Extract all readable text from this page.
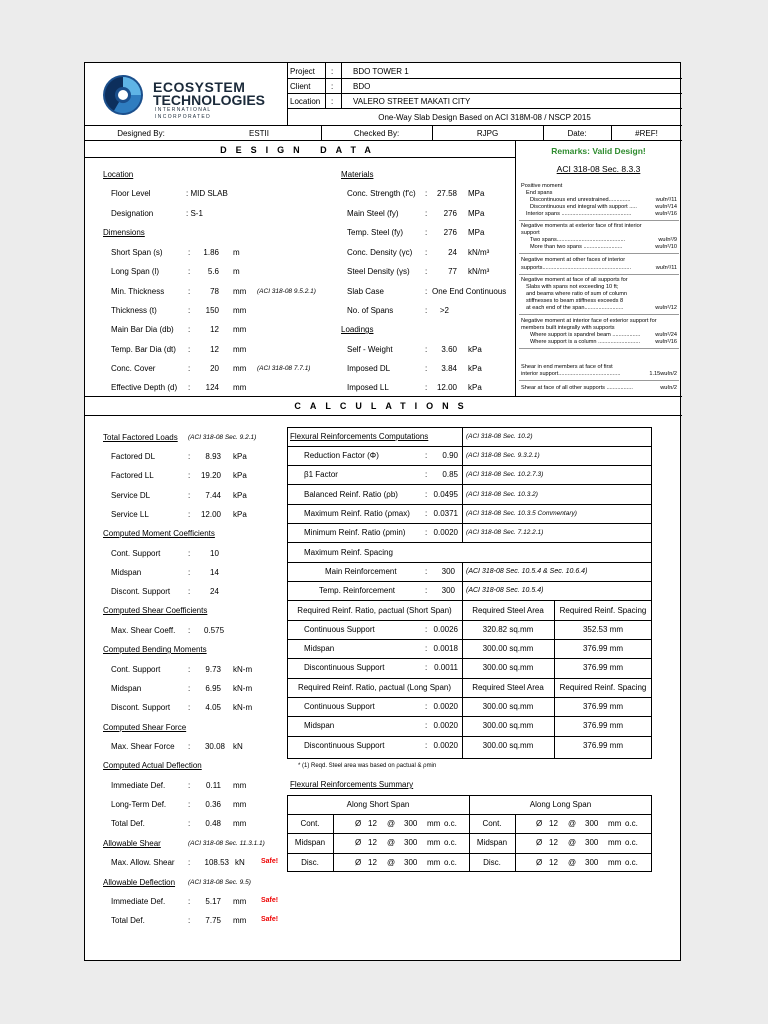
ECOSYSTEM
TECHNOLOGIES
I N T E R N A T I O N A L
I N C O R P O R A T E D
Project : BDO TOWER 1
Client	: BDO
Location : VALERO STREET MAKATI CITY
One-Way Slab Design Based on ACI 318M-08 / NSCP 2015
Designed By:	ESTII	Checked By:	RJPG	Date:	#REF!
DESIGN DATA	Remarks: Valid Design!
ACI 318-08 Sec. 8.3.3
Positive moment
End spans
Discontinuous end unrestrained..............	wuℓn²/11
Discontinuous end integral with support .....	wuℓn²/14
Interior spans .............................................	wuℓn²/16
Negative moments at exterior face of first interior
support
Two spans............................................	wuℓn²/9
More than two spans .........................	wuℓn²/10
Negative moment at other faces of interior
supports.........................................................	wuℓn²/11
Negative moment at face of all supports for
Slabs with spans not exceeding 10 ft;
and beams where ratio of sum of column
stiffnesses to beam stiffness exceeds 8
at each end of the span.........................	wuℓn²/12
Negative moment at interior face of exterior support for
members built integrally with supports
Where support is spandrel beam ..................	wuℓn²/24
Where support is a column ...........................	wuℓn²/16
Shear in end members at face of first
interior support........................................	1.15wuℓn/2
Shear at face of all other supports .................	wuℓn/2
Location
Floor Level	: MID SLAB
Designation	: S-1
Dimensions
Short Span (s)	:	1.86 m
Long Span (l)	:	5.6 m
Min. Thickness	:	78 mm (ACI 318-08 9.5.2.1)
Thickness (t)	:	150 mm
Main Bar Dia (db) :	12 mm
Temp. Bar Dia (dt) :	12 mm
Conc. Cover	:	20 mm (ACI 318-08 7.7.1)
Effective Depth (d) :	124 mm
Materials
Conc. Strength (f'c) :	27.58 MPa
Main Steel (fy)	:	276 MPa
Temp. Steel (fy)	:	276 MPa
Conc. Density (γc) :	24 kN/m³
Steel Density (γs) :	77 kN/m³
Slab Case	: One End Continuous
No. of Spans	:	>2
Loadings
Self - Weight	:	3.60 kPa
Imposed DL	:	3.84 kPa
Imposed LL	:	12.00 kPa
CALCULATIONS
Total Factored Loads (ACI 318-08 Sec. 9.2.1)
Factored DL	:	8.93 kPa
Factored LL	:	19.20 kPa
Service DL	:	7.44 kPa
Service LL	:	12.00 kPa
Computed Moment Coefficients
Cont. Support	: 10
Midspan	: 14
Discont. Support : 24
Computed Shear Coefficients
Max. Shear Coeff. : 0.575
Computed Bending Moments
Cont. Support	:	9.73 kN-m
Midspan	:	6.95 kN-m
Discont. Support :	4.05 kN-m
Computed Shear Force
Max. Shear Force :	30.08 kN
Computed Actual Deflection
Immediate Def.	:	0.11 mm
Long-Term Def.	:	0.36 mm
Total Def.	:	0.48 mm
Allowable Shear	(ACI 318-08 Sec. 11.3.1.1)
Max. Allow. Shear :	108.53 kN Safe!
Allowable Deflection (ACI 318-08 Sec. 9.5)
Immediate Def.	:	5.17 mm Safe!
Total Def.	:	7.75 mm Safe!
Flexural Reinforcements Computations	(ACI 318-08 Sec. 10.2)
Reduction Factor (Φ)	:	0.90 (ACI 318-08 Sec. 9.3.2.1)
β1 Factor	:	0.85 (ACI 318-08 Sec. 10.2.7.3)
Balanced Reinf. Ratio (ρb)	: 0.0495 (ACI 318-08 Sec. 10.3.2)
Maximum Reinf. Ratio (ρmax) : 0.0371 (ACI 318-08 Sec. 10.3.5 Commentary)
Minimum Reinf. Ratio (ρmin) : 0.0020 (ACI 318-08 Sec. 7.12.2.1)
Maximum Reinf. Spacing
Main Reinforcement	:	300 (ACI 318-08 Sec. 10.5.4 & Sec. 10.6.4)
Temp. Reinforcement	:	300 (ACI 318-08 Sec. 10.5.4)
Required Reinf. Ratio, ρactual (Short Span)	Required Steel Area	Required Reinf. Spacing
Continuous Support	: 0.0026	320.82 sq.mm	352.53 mm
Midspan	: 0.0018	300.00 sq.mm	376.99 mm
Discontinuous Support	: 0.0011	300.00 sq.mm	376.99 mm
Required Reinf. Ratio, ρactual (Long Span)	Required Steel Area	Required Reinf. Spacing
Continuous Support	: 0.0020	300.00 sq.mm	376.99 mm
Midspan	: 0.0020	300.00 sq.mm	376.99 mm
Discontinuous Support	: 0.0020	300.00 sq.mm	376.99 mm
* (1) Reqd. Steel area was based on ρactual & ρmin
Flexural Reinforcements Summary
Along Short Span	Along Long Span
Cont.	Ø 12 @ 300 mm o.c.	Cont.	Ø 12 @ 300 mm o.c.
Midspan	Ø 12 @ 300 mm o.c.	Midspan	Ø 12 @ 300 mm o.c.
Disc.	Ø 12 @ 300 mm o.c.	Disc.	Ø 12 @ 300 mm o.c.
